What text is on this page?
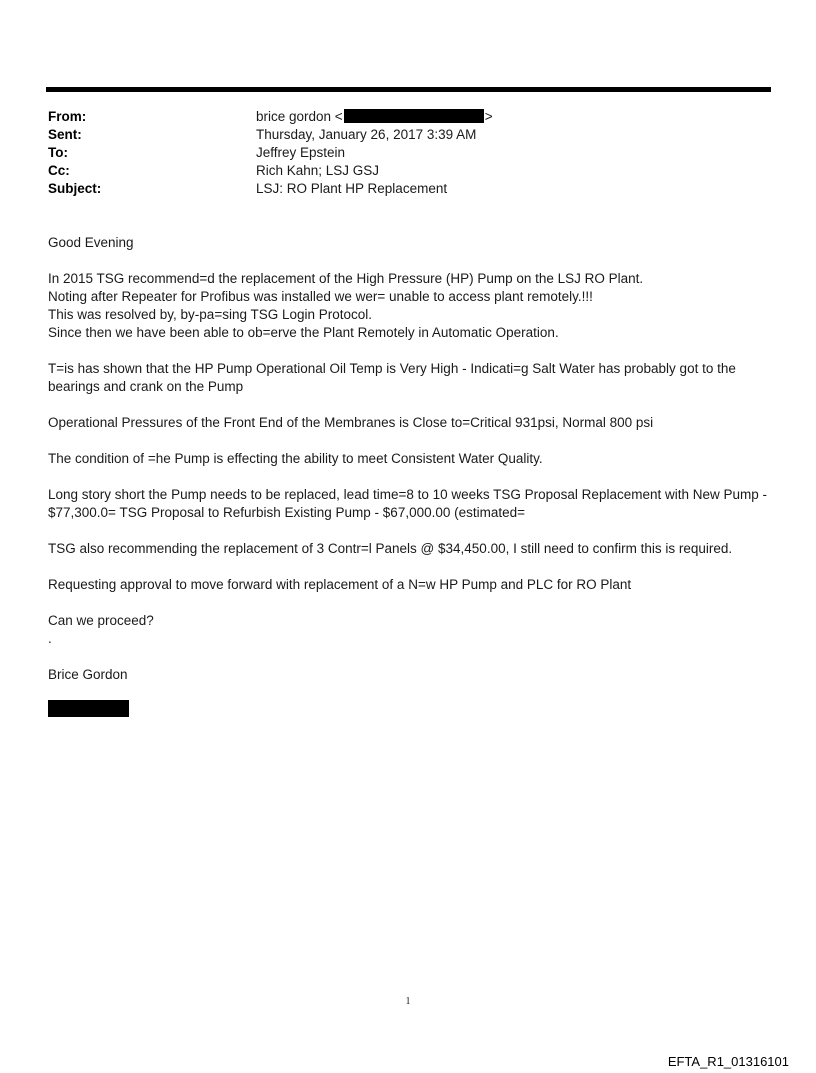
From:	brice gordon <	>
Sent:	Thursday, January 26, 2017 3:39 AM
To:	Jeffrey Epstein
Cc:	Rich Kahn; LSJ GSJ
Subject:	LSJ: RO Plant HP Replacement

Good Evening

In 2015 TSG recommend=d the replacement of the High Pressure (HP) Pump on the LSJ RO Plant.

Noting after Repeater for Profibus was installed we wer= unable to access plant remotely.!!!

This was resolved by, by-pa=sing TSG Login Protocol.

Since then we have been able to ob=erve the Plant Remotely in Automatic Operation.

T=is has shown that the HP Pump Operational Oil Temp is Very High - Indicati=g Salt Water has probably got to the

bearings and crank on the Pump

Operational Pressures of the Front End of the Membranes is Close to=Critical 931psi, Normal 800 psi

The condition of =he Pump is effecting the ability to meet Consistent Water Quality.

Long story short the Pump needs to be replaced, lead time=8 to 10 weeks TSG Proposal Replacement with New Pump -

$77,300.0= TSG Proposal to Refurbish Existing Pump - $67,000.00 (estimated=

TSG also recommending the replacement of 3 Contr=l Panels @ $34,450.00, I still need to confirm this is required.

Requesting approval to move forward with replacement of a N=w HP Pump and PLC for RO Plant

Can we proceed?

.

Brice Gordon

1
EFTA_R1_01316101
